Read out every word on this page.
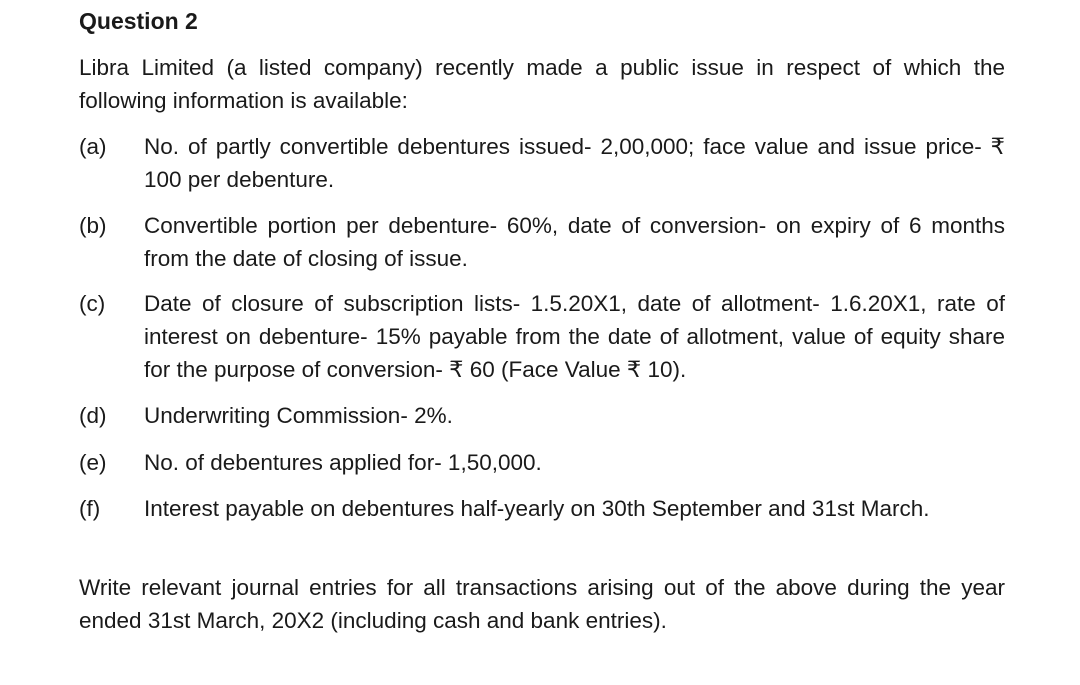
Question 2

Libra Limited (a listed company) recently made a public issue in respect of which the following information is available:

(a)	No. of partly convertible debentures issued- 2,00,000; face value and issue price- ₹ 100 per debenture.
(b)	Convertible portion per debenture- 60%, date of conversion- on expiry of 6 months from the date of closing of issue.
(c)	Date of closure of subscription lists- 1.5.20X1, date of allotment- 1.6.20X1, rate of interest on debenture- 15% payable from the date of allotment, value of equity share for the purpose of conversion- ₹ 60 (Face Value ₹ 10).
(d)	Underwriting Commission- 2%.
(e)	No. of debentures applied for- 1,50,000.
(f)	Interest payable on debentures half-yearly on 30th September and 31st March.

Write relevant journal entries for all transactions arising out of the above during the year ended 31st March, 20X2 (including cash and bank entries).
